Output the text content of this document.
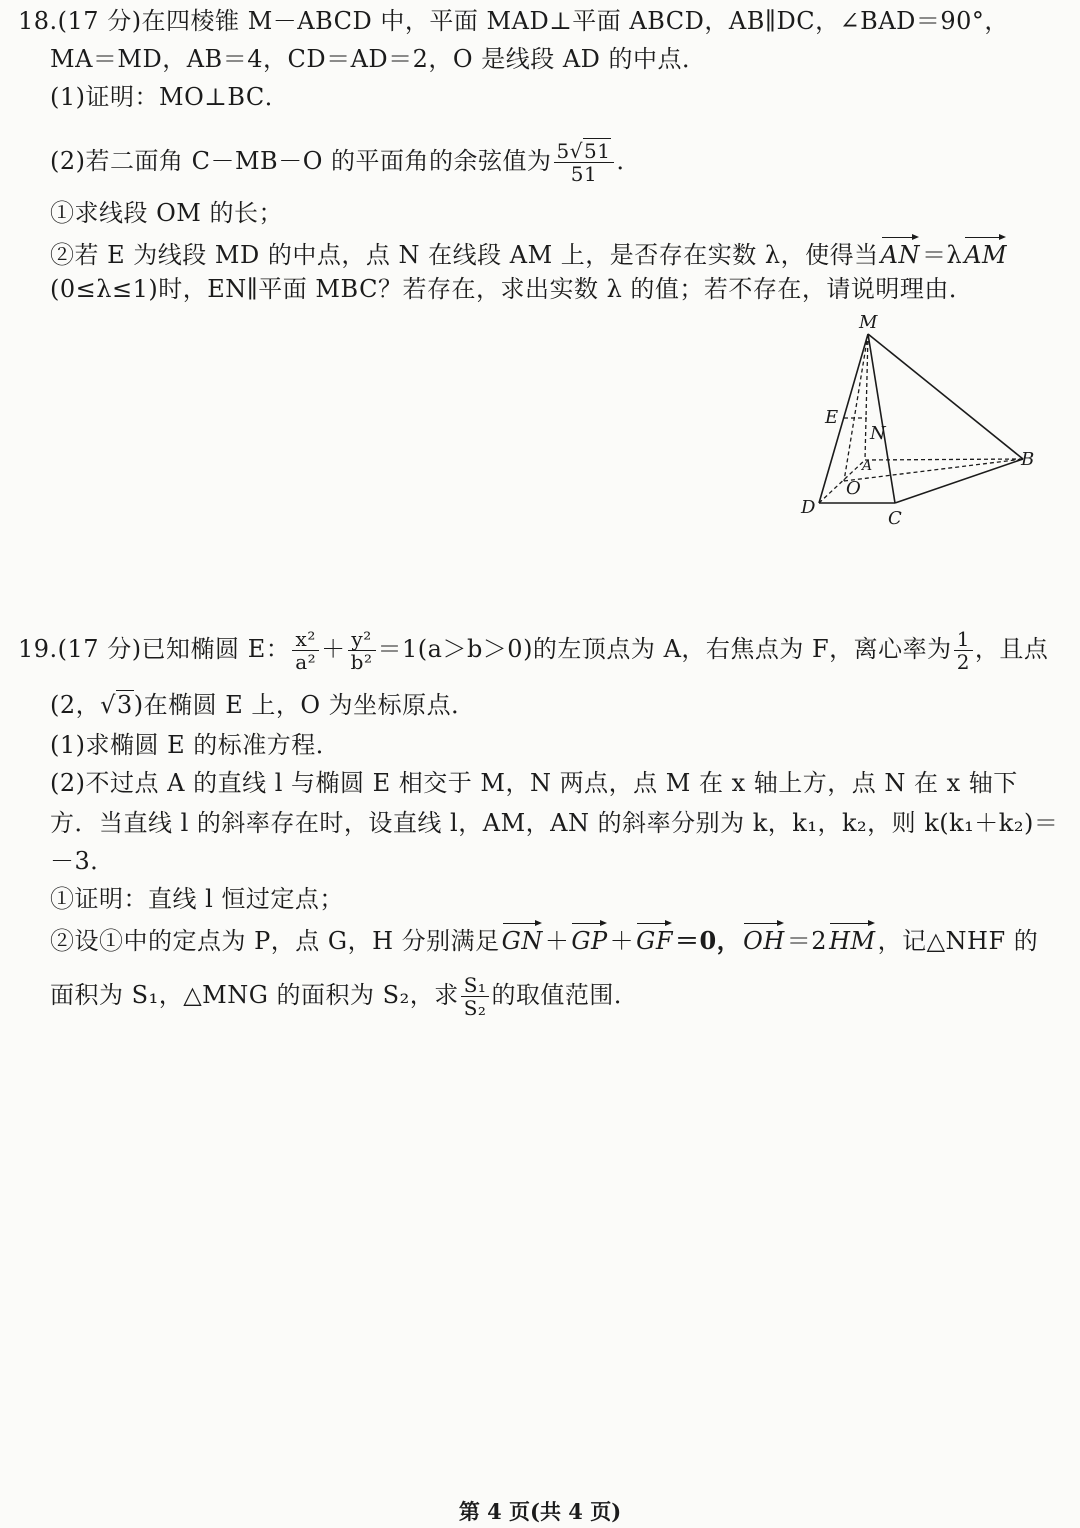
18.(17 分)在四棱锥 M－ABCD 中，平面 MAD⊥平面 ABCD，AB∥DC，∠BAD＝90°，
MA＝MD，AB＝4，CD＝AD＝2，O 是线段 AD 的中点．
(1)证明：MO⊥BC．
(2)若二面角 C－MB－O 的平面角的余弦值为 $\frac{5√51}{51}$ ．
①求线段 OM 的长；
②若 E 为线段 MD 的中点，点 N 在线段 AM 上，是否存在实数 λ，使得当AN＝λAM
(0≤λ≤1)时，EN∥平面 MBC？若存在，求出实数 λ 的值；若不存在，请说明理由．
M
E
N
A	B
O
D
C
19.(17 分)已知椭圆 E： $\frac{\text{x²}}{\text{a²}} + \frac{\text{y²}}{\text{b²}} =1(a>b>0)$的左顶点为 A，右焦点为 F，离心率为 $\frac{1}{2}$ ，且点
(2，√3)在椭圆 E 上，O 为坐标原点．
(1)求椭圆 E 的标准方程．
(2)不过点 A 的直线 l 与椭圆 E 相交于 M，N 两点，点 M 在 x 轴上方，点 N 在 x 轴下
方．当直线 l 的斜率存在时，设直线 l，AM，AN 的斜率分别为 k，k₁，k₂，则 k(k₁＋k₂)＝
－3．
①证明：直线 l 恒过定点；
②设①中的定点为 P，点 G，H 分别满足GN＋GP＋GF＝0，OH＝2HM，记△NHF 的
面积为 S₁，△MNG 的面积为 S₂，求 $\frac{\text{S₁}}{\text{S₂}}$ 的取值范围．
第 4 页(共 4 页)
